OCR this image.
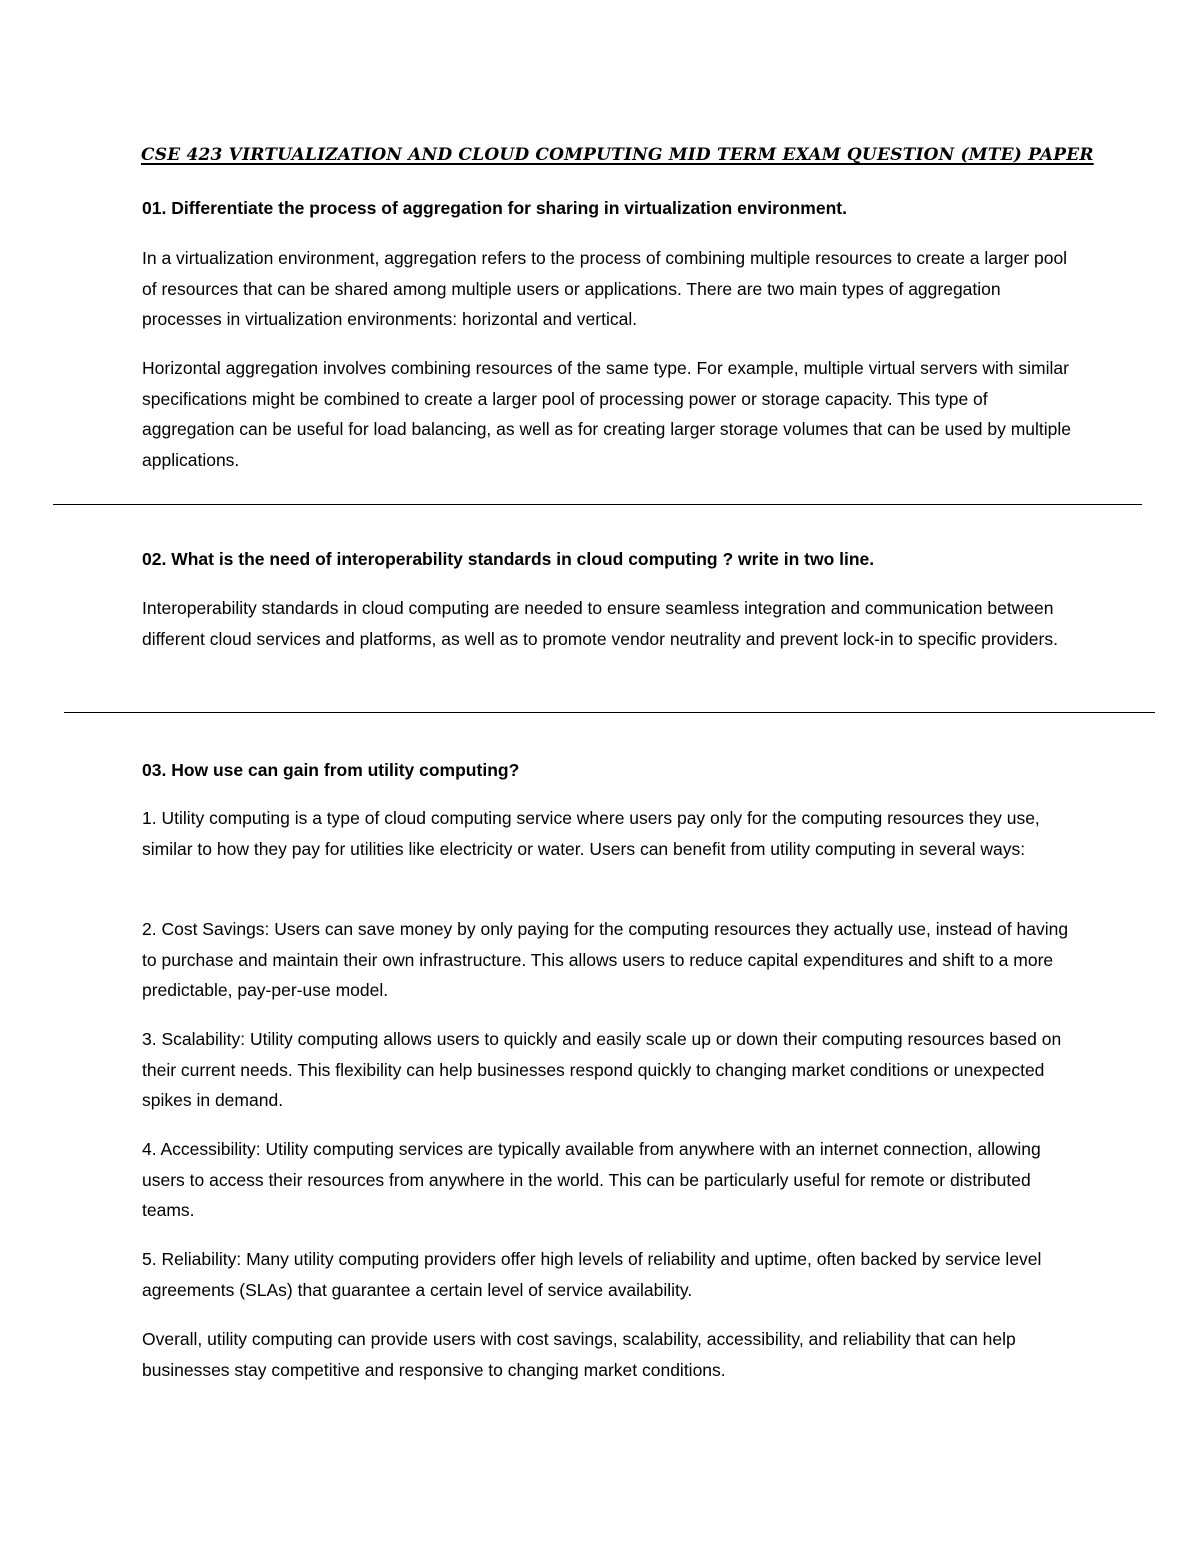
CSE 423 VIRTUALIZATION AND CLOUD COMPUTING MID TERM EXAM QUESTION (MTE) PAPER

01. Differentiate the process of aggregation for sharing in virtualization environment.

In a virtualization environment, aggregation refers to the process of combining multiple resources to create a larger pool of resources that can be shared among multiple users or applications. There are two main types of aggregation processes in virtualization environments: horizontal and vertical.

Horizontal aggregation involves combining resources of the same type. For example, multiple virtual servers with similar specifications might be combined to create a larger pool of processing power or storage capacity. This type of aggregation can be useful for load balancing, as well as for creating larger storage volumes that can be used by multiple applications.

02. What is the need of interoperability standards in cloud computing ? write in two line.

Interoperability standards in cloud computing are needed to ensure seamless integration and communication between different cloud services and platforms, as well as to promote vendor neutrality and prevent lock-in to specific providers.

03. How use can gain from utility computing?

1. Utility computing is a type of cloud computing service where users pay only for the computing resources they use, similar to how they pay for utilities like electricity or water. Users can benefit from utility computing in several ways:

2. Cost Savings: Users can save money by only paying for the computing resources they actually use, instead of having to purchase and maintain their own infrastructure. This allows users to reduce capital expenditures and shift to a more predictable, pay-per-use model.

3. Scalability: Utility computing allows users to quickly and easily scale up or down their computing resources based on their current needs. This flexibility can help businesses respond quickly to changing market conditions or unexpected spikes in demand.

4. Accessibility: Utility computing services are typically available from anywhere with an internet connection, allowing users to access their resources from anywhere in the world. This can be particularly useful for remote or distributed teams.

5. Reliability: Many utility computing providers offer high levels of reliability and uptime, often backed by service level agreements (SLAs) that guarantee a certain level of service availability.

Overall, utility computing can provide users with cost savings, scalability, accessibility, and reliability that can help businesses stay competitive and responsive to changing market conditions.
